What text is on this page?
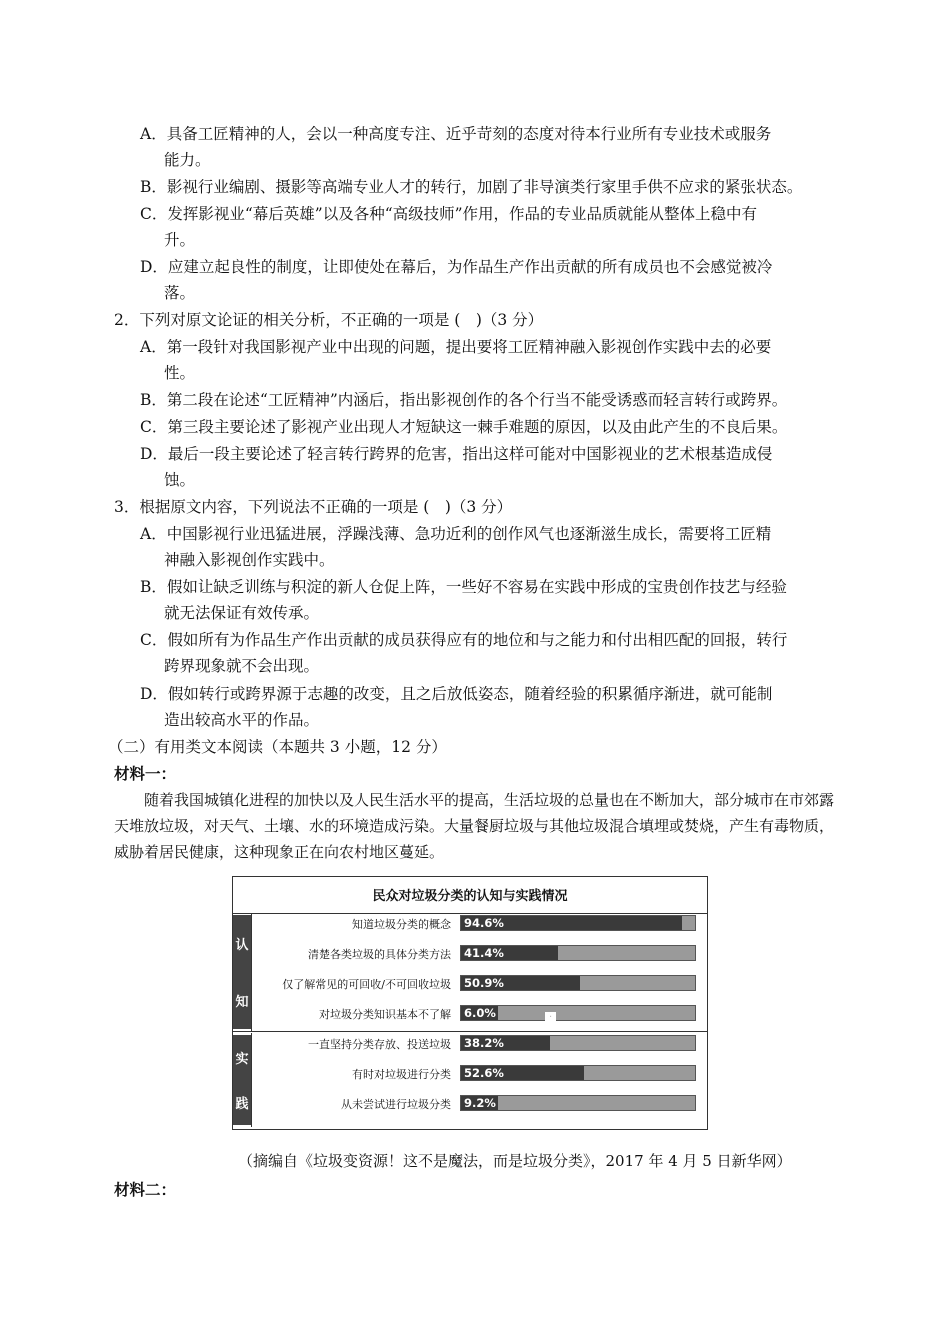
A．具备工匠精神的人，会以一种高度专注、近乎苛刻的态度对待本行业所有专业技术或服务
能力。
B．影视行业编剧、摄影等高端专业人才的转行，加剧了非导演类行家里手供不应求的紧张状态。
C．发挥影视业“幕后英雄”以及各种“高级技师”作用，作品的专业品质就能从整体上稳中有
升。
D．应建立起良性的制度，让即使处在幕后，为作品生产作出贡献的所有成员也不会感觉被冷
落。
2．下列对原文论证的相关分析，不正确的一项是 (　)（3 分）
A．第一段针对我国影视产业中出现的问题，提出要将工匠精神融入影视创作实践中去的必要
性。
B．第二段在论述“工匠精神”内涵后，指出影视创作的各个行当不能受诱惑而轻言转行或跨界。
C．第三段主要论述了影视产业出现人才短缺这一棘手难题的原因，以及由此产生的不良后果。
D．最后一段主要论述了轻言转行跨界的危害，指出这样可能对中国影视业的艺术根基造成侵
蚀。
3．根据原文内容，下列说法不正确的一项是 (　)（3 分）
A．中国影视行业迅猛进展，浮躁浅薄、急功近利的创作风气也逐渐滋生成长，需要将工匠精
神融入影视创作实践中。
B．假如让缺乏训练与积淀的新人仓促上阵，一些好不容易在实践中形成的宝贵创作技艺与经验
就无法保证有效传承。
C．假如所有为作品生产作出贡献的成员获得应有的地位和与之能力和付出相匹配的回报，转行
跨界现象就不会出现。
D．假如转行或跨界源于志趣的改变，且之后放低姿态，随着经验的积累循序渐进，就可能制
造出较高水平的作品。
（二）有用类文本阅读（本题共 3 小题，12 分）
材料一：
随着我国城镇化进程的加快以及人民生活水平的提高，生活垃圾的总量也在不断加大，部分城市在市郊露天堆放垃圾，对天气、土壤、水的环境造成污染。大量餐厨垃圾与其他垃圾混合填埋或焚烧，产生有毒物质，威胁着居民健康，这种现象正在向农村地区蔓延。
民众对垃圾分类的认知与实践情况
认
知
知道垃圾分类的概念 94.6%
清楚各类垃圾的具体分类方法 41.4%
仅了解常见的可回收/不可回收垃圾 50.9%
对垃圾分类知识基本不了解 6.0%
实
践
一直坚持分类存放、投送垃圾 38.2%
有时对垃圾进行分类 52.6%
从未尝试进行垃圾分类 9.2%
·
（摘编自《垃圾变资源！这不是魔法，而是垃圾分类》，2017 年 4 月 5 日新华网）
材料二：
